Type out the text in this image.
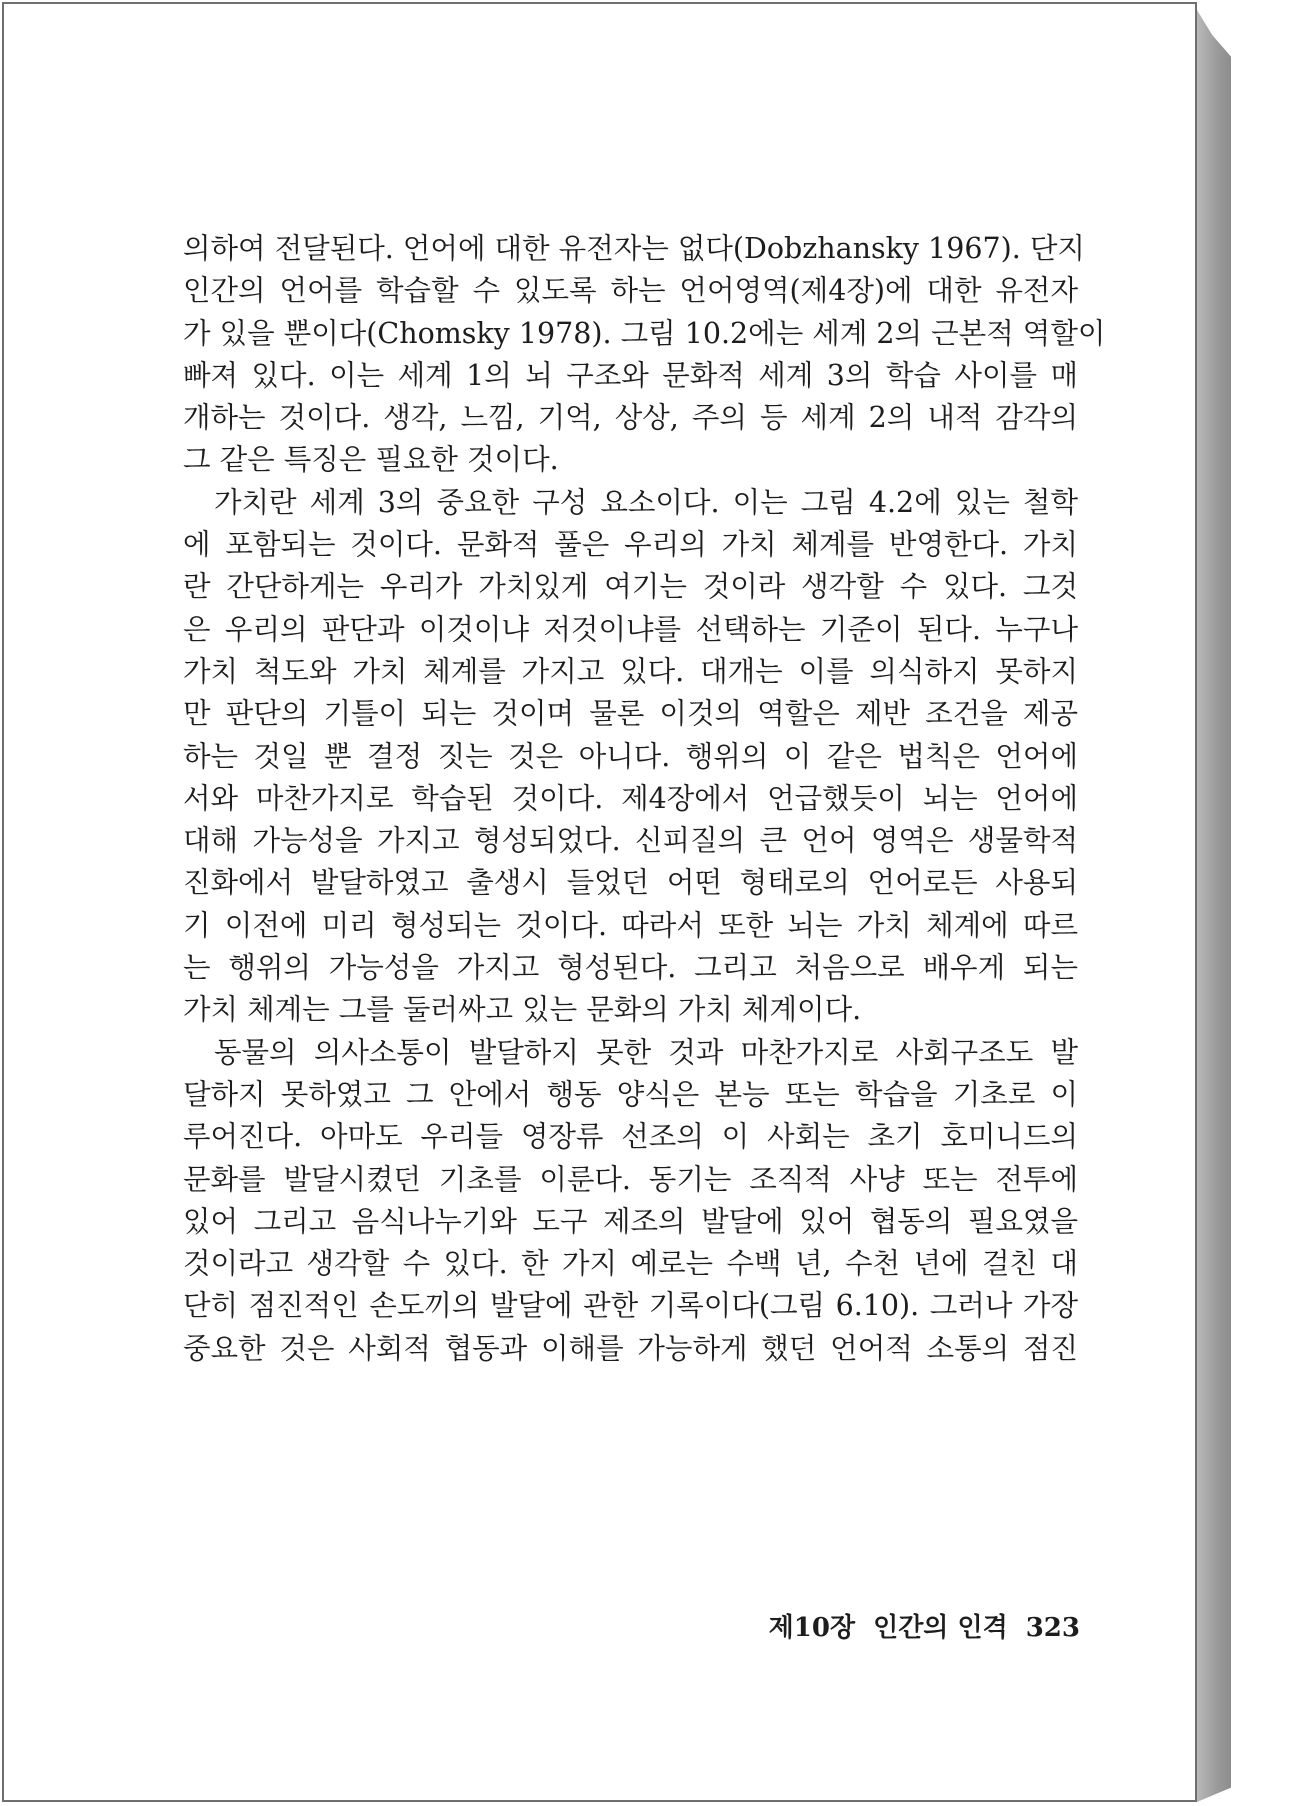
의하여 전달된다. 언어에 대한 유전자는 없다(Dobzhansky 1967). 단지
인간의 언어를 학습할 수 있도록 하는 언어영역(제4장)에 대한 유전자
가 있을 뿐이다(Chomsky 1978). 그림 10.2에는 세계 2의 근본적 역할이
빠져 있다. 이는 세계 1의 뇌 구조와 문화적 세계 3의 학습 사이를 매
개하는 것이다. 생각, 느낌, 기억, 상상, 주의 등 세계 2의 내적 감각의
그 같은 특징은 필요한 것이다.
가치란 세계 3의 중요한 구성 요소이다. 이는 그림 4.2에 있는 철학
에 포함되는 것이다. 문화적 풀은 우리의 가치 체계를 반영한다. 가치
란 간단하게는 우리가 가치있게 여기는 것이라 생각할 수 있다. 그것
은 우리의 판단과 이것이냐 저것이냐를 선택하는 기준이 된다. 누구나
가치 척도와 가치 체계를 가지고 있다. 대개는 이를 의식하지 못하지
만 판단의 기틀이 되는 것이며 물론 이것의 역할은 제반 조건을 제공
하는 것일 뿐 결정 짓는 것은 아니다. 행위의 이 같은 법칙은 언어에
서와 마찬가지로 학습된 것이다. 제4장에서 언급했듯이 뇌는 언어에
대해 가능성을 가지고 형성되었다. 신피질의 큰 언어 영역은 생물학적
진화에서 발달하였고 출생시 들었던 어떤 형태로의 언어로든 사용되
기 이전에 미리 형성되는 것이다. 따라서 또한 뇌는 가치 체계에 따르
는 행위의 가능성을 가지고 형성된다. 그리고 처음으로 배우게 되는
가치 체계는 그를 둘러싸고 있는 문화의 가치 체계이다.
동물의 의사소통이 발달하지 못한 것과 마찬가지로 사회구조도 발
달하지 못하였고 그 안에서 행동 양식은 본능 또는 학습을 기초로 이
루어진다. 아마도 우리들 영장류 선조의 이 사회는 초기 호미니드의
문화를 발달시켰던 기초를 이룬다. 동기는 조직적 사냥 또는 전투에
있어 그리고 음식나누기와 도구 제조의 발달에 있어 협동의 필요였을
것이라고 생각할 수 있다. 한 가지 예로는 수백 년, 수천 년에 걸친 대
단히 점진적인 손도끼의 발달에 관한 기록이다(그림 6.10). 그러나 가장
중요한 것은 사회적 협동과 이해를 가능하게 했던 언어적 소통의 점진
제10장 인간의 인격 323
